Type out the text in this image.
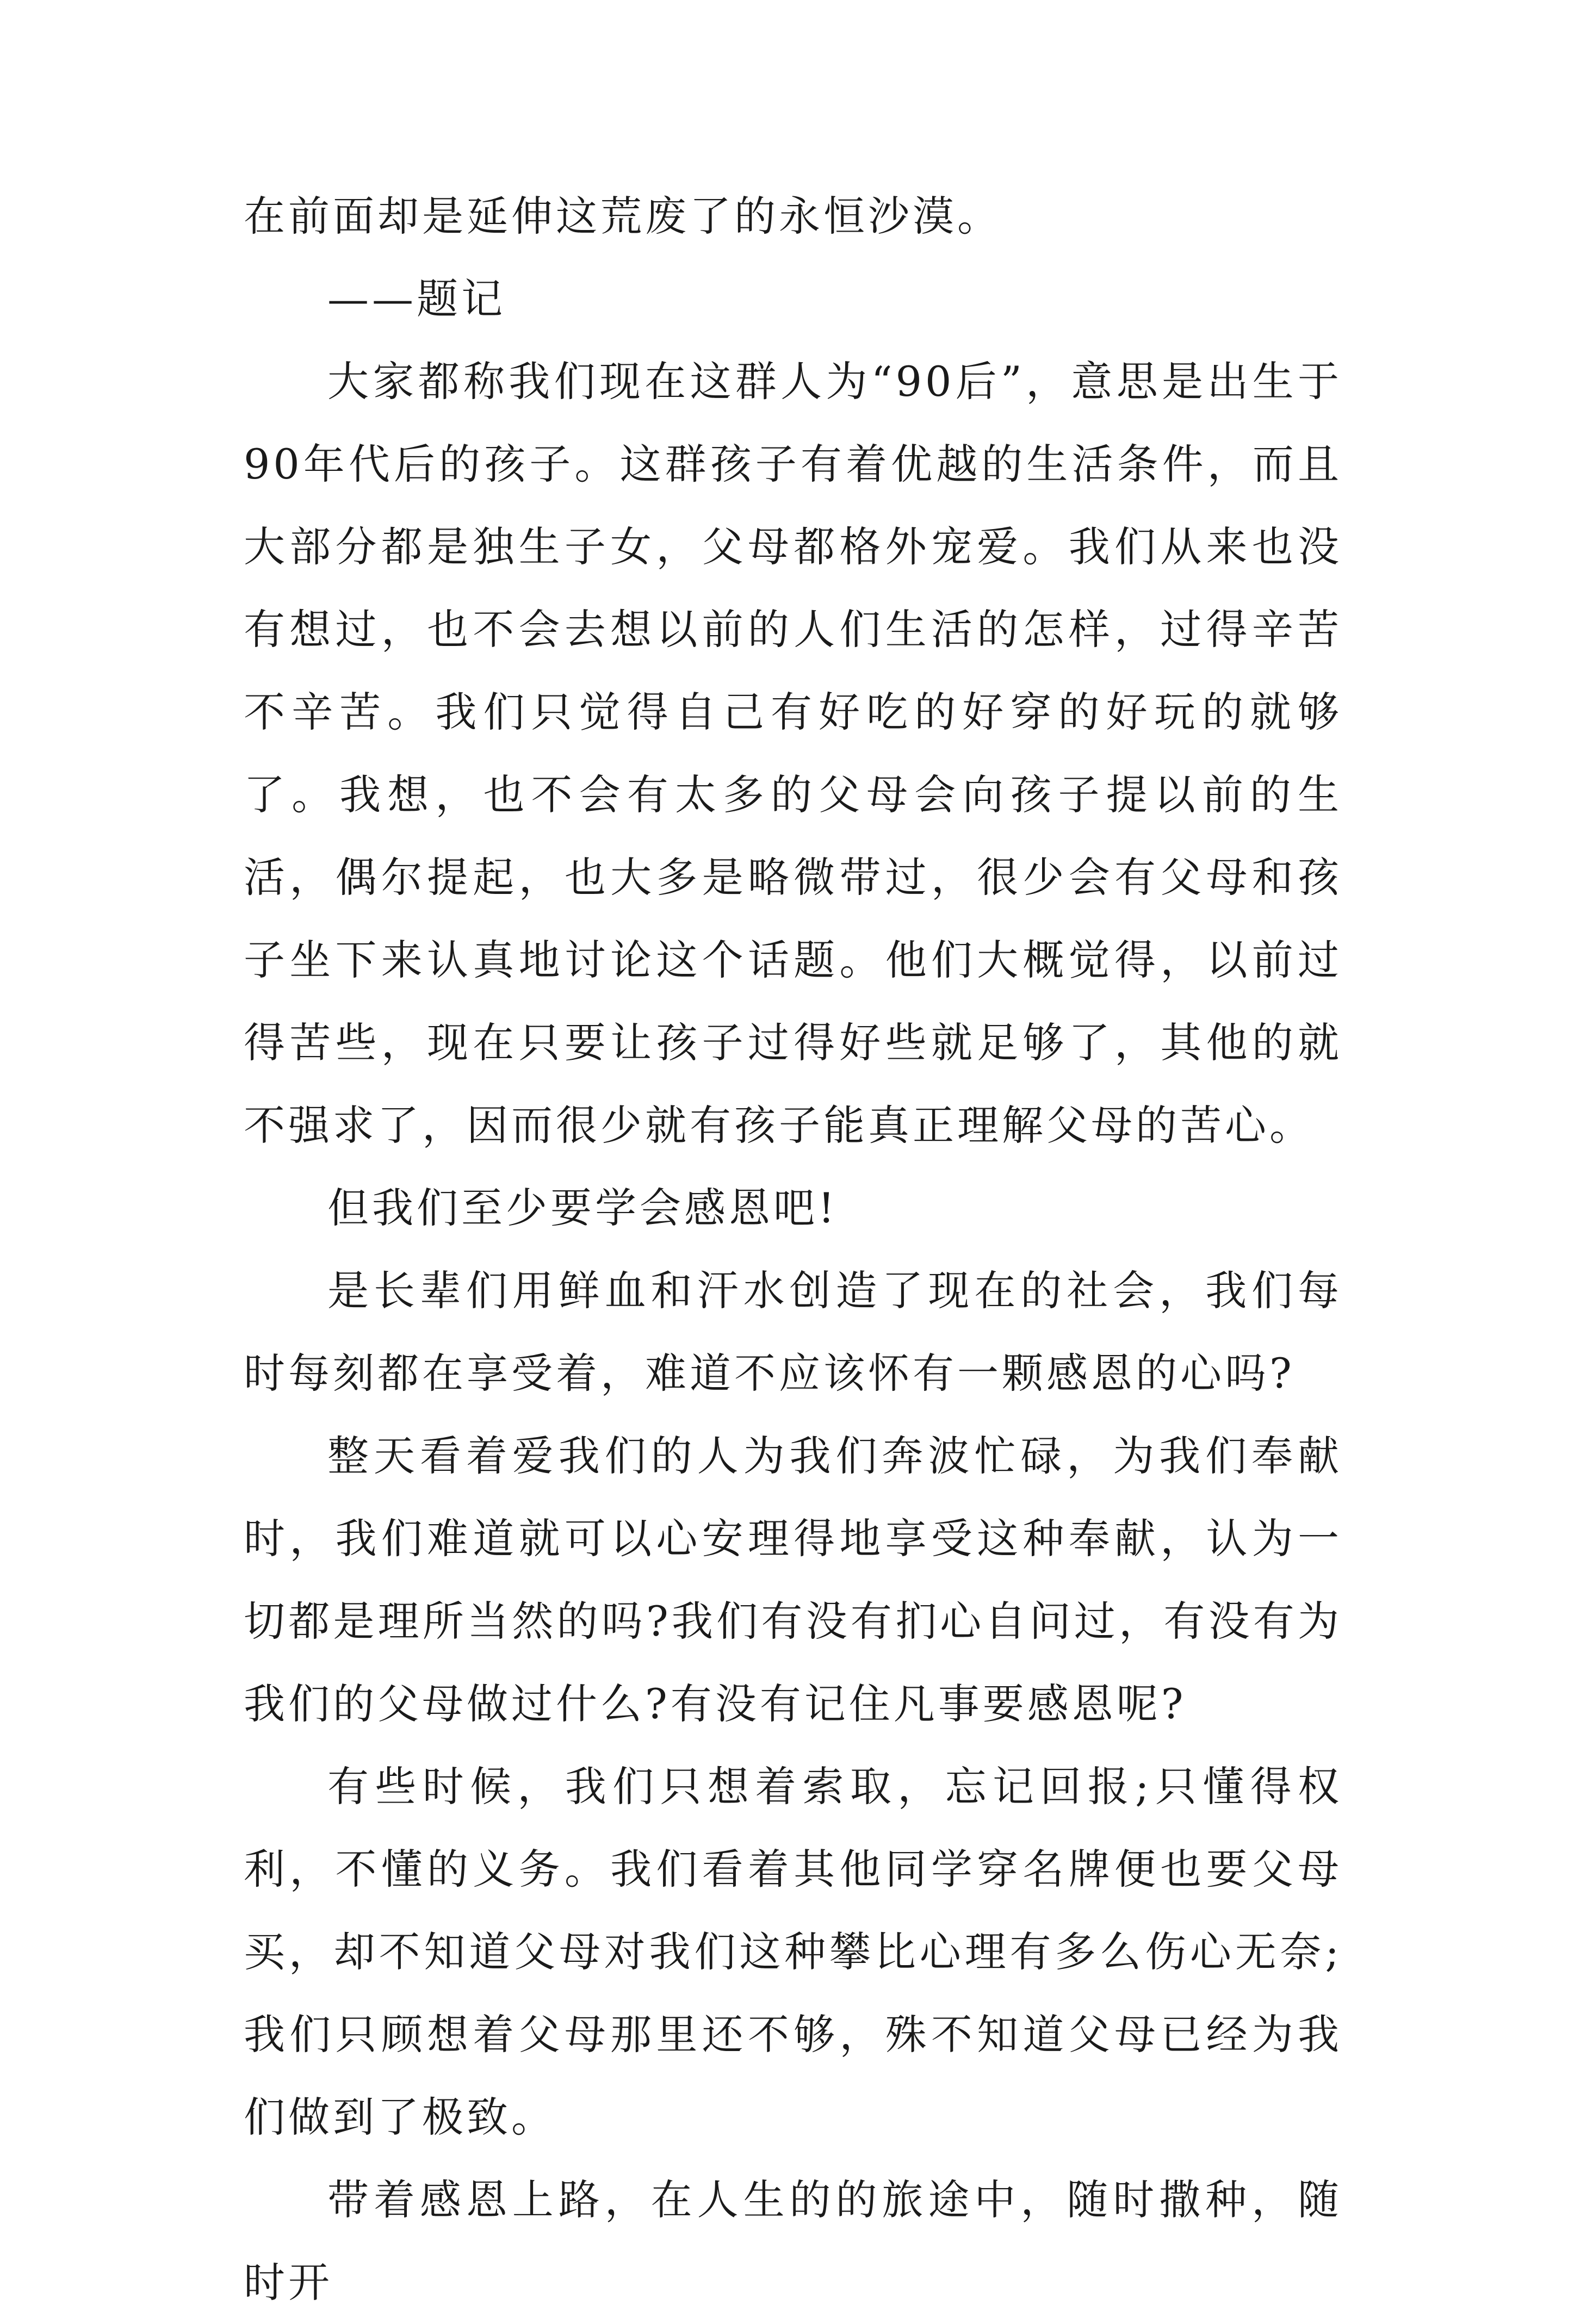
在前面却是延伸这荒废了的永恒沙漠。

——题记

大家都称我们现在这群人为“90后”，意思是出生于90年代后的孩子。这群孩子有着优越的生活条件，而且大部分都是独生子女，父母都格外宠爱。我们从来也没有想过，也不会去想以前的人们生活的怎样，过得辛苦不辛苦。我们只觉得自己有好吃的好穿的好玩的就够了。我想，也不会有太多的父母会向孩子提以前的生活，偶尔提起，也大多是略微带过，很少会有父母和孩子坐下来认真地讨论这个话题。他们大概觉得，以前过得苦些，现在只要让孩子过得好些就足够了，其他的就不强求了，因而很少就有孩子能真正理解父母的苦心。

但我们至少要学会感恩吧!

是长辈们用鲜血和汗水创造了现在的社会，我们每时每刻都在享受着，难道不应该怀有一颗感恩的心吗?

整天看着爱我们的人为我们奔波忙碌，为我们奉献时，我们难道就可以心安理得地享受这种奉献，认为一切都是理所当然的吗?我们有没有扪心自问过，有没有为我们的父母做过什么?有没有记住凡事要感恩呢?

有些时候，我们只想着索取，忘记回报;只懂得权利，不懂的义务。我们看着其他同学穿名牌便也要父母买，却不知道父母对我们这种攀比心理有多么伤心无奈;我们只顾想着父母那里还不够，殊不知道父母已经为我们做到了极致。

带着感恩上路，在人生的的旅途中，随时撒种，随时开
